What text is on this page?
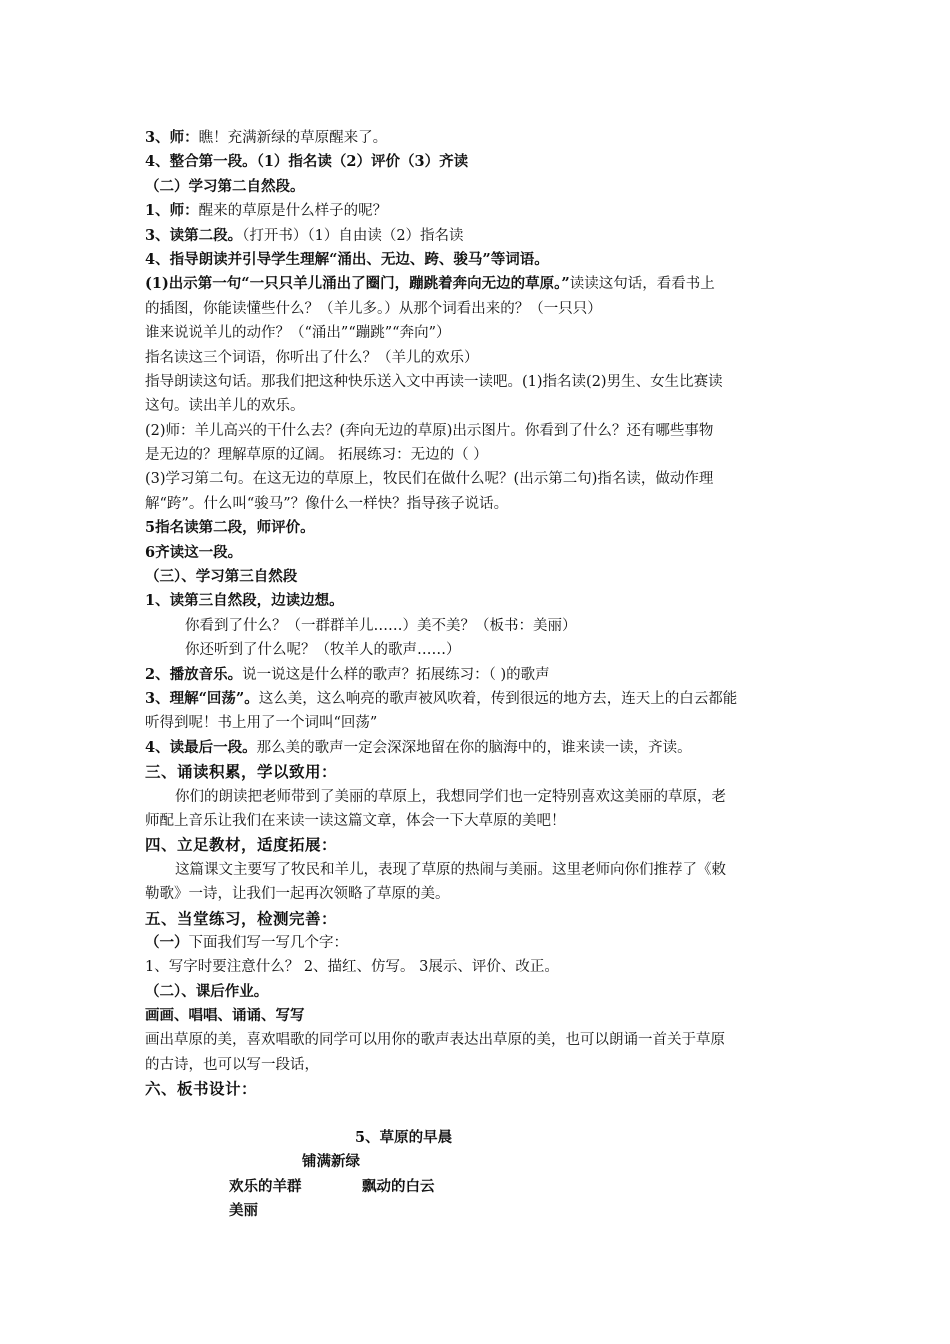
3、师：瞧！充满新绿的草原醒来了。
4、整合第一段。（1）指名读（2）评价（3）齐读
（二）学习第二自然段。
1、师：醒来的草原是什么样子的呢？
3、读第二段。（打开书）（1）自由读（2）指名读
4、指导朗读并引导学生理解“涌出、无边、跨、骏马”等词语。
(1)出示第一句“一只只羊儿涌出了圈门，蹦跳着奔向无边的草原。”读读这句话，看看书上
的插图，你能读懂些什么？（羊儿多。）从那个词看出来的？（一只只）
谁来说说羊儿的动作？（“涌出”“蹦跳”“奔向”）
指名读这三个词语，你听出了什么？（羊儿的欢乐）
指导朗读这句话。那我们把这种快乐送入文中再读一读吧。(1)指名读(2)男生、女生比赛读
这句。读出羊儿的欢乐。
(2)师：羊儿高兴的干什么去？(奔向无边的草原)出示图片。你看到了什么？还有哪些事物
是无边的？理解草原的辽阔。 拓展练习：无边的（ ）
(3)学习第二句。在这无边的草原上，牧民们在做什么呢？(出示第二句)指名读，做动作理
解“跨”。什么叫“骏马”？像什么一样快？指导孩子说话。
5指名读第二段，师评价。
6齐读这一段。
（三）、学习第三自然段
1、读第三自然段，边读边想。
你看到了什么？（一群群羊儿……）美不美？（板书：美丽）
你还听到了什么呢？（牧羊人的歌声……）
2、播放音乐。说一说这是什么样的歌声？拓展练习：（ )的歌声
3、理解“回荡”。这么美，这么响亮的歌声被风吹着，传到很远的地方去，连天上的白云都能
听得到呢！书上用了一个词叫“回荡”
4、读最后一段。那么美的歌声一定会深深地留在你的脑海中的，谁来读一读，齐读。
三、诵读积累，学以致用：
你们的朗读把老师带到了美丽的草原上，我想同学们也一定特别喜欢这美丽的草原，老
师配上音乐让我们在来读一读这篇文章，体会一下大草原的美吧！
四、立足教材，适度拓展：
这篇课文主要写了牧民和羊儿，表现了草原的热闹与美丽。这里老师向你们推荐了《敕
勒歌》一诗，让我们一起再次领略了草原的美。
五、当堂练习，检测完善：
（一）下面我们写一写几个字：
1、写字时要注意什么？ 2、描红、仿写。 3展示、评价、改正。
（二）、课后作业。
画画、唱唱、诵诵、写写
画出草原的美，喜欢唱歌的同学可以用你的歌声表达出草原的美，也可以朗诵一首关于草原
的古诗，也可以写一段话，
六、板书设计：
5、草原的早晨
铺满新绿
欢乐的羊群	飘动的白云
美丽
